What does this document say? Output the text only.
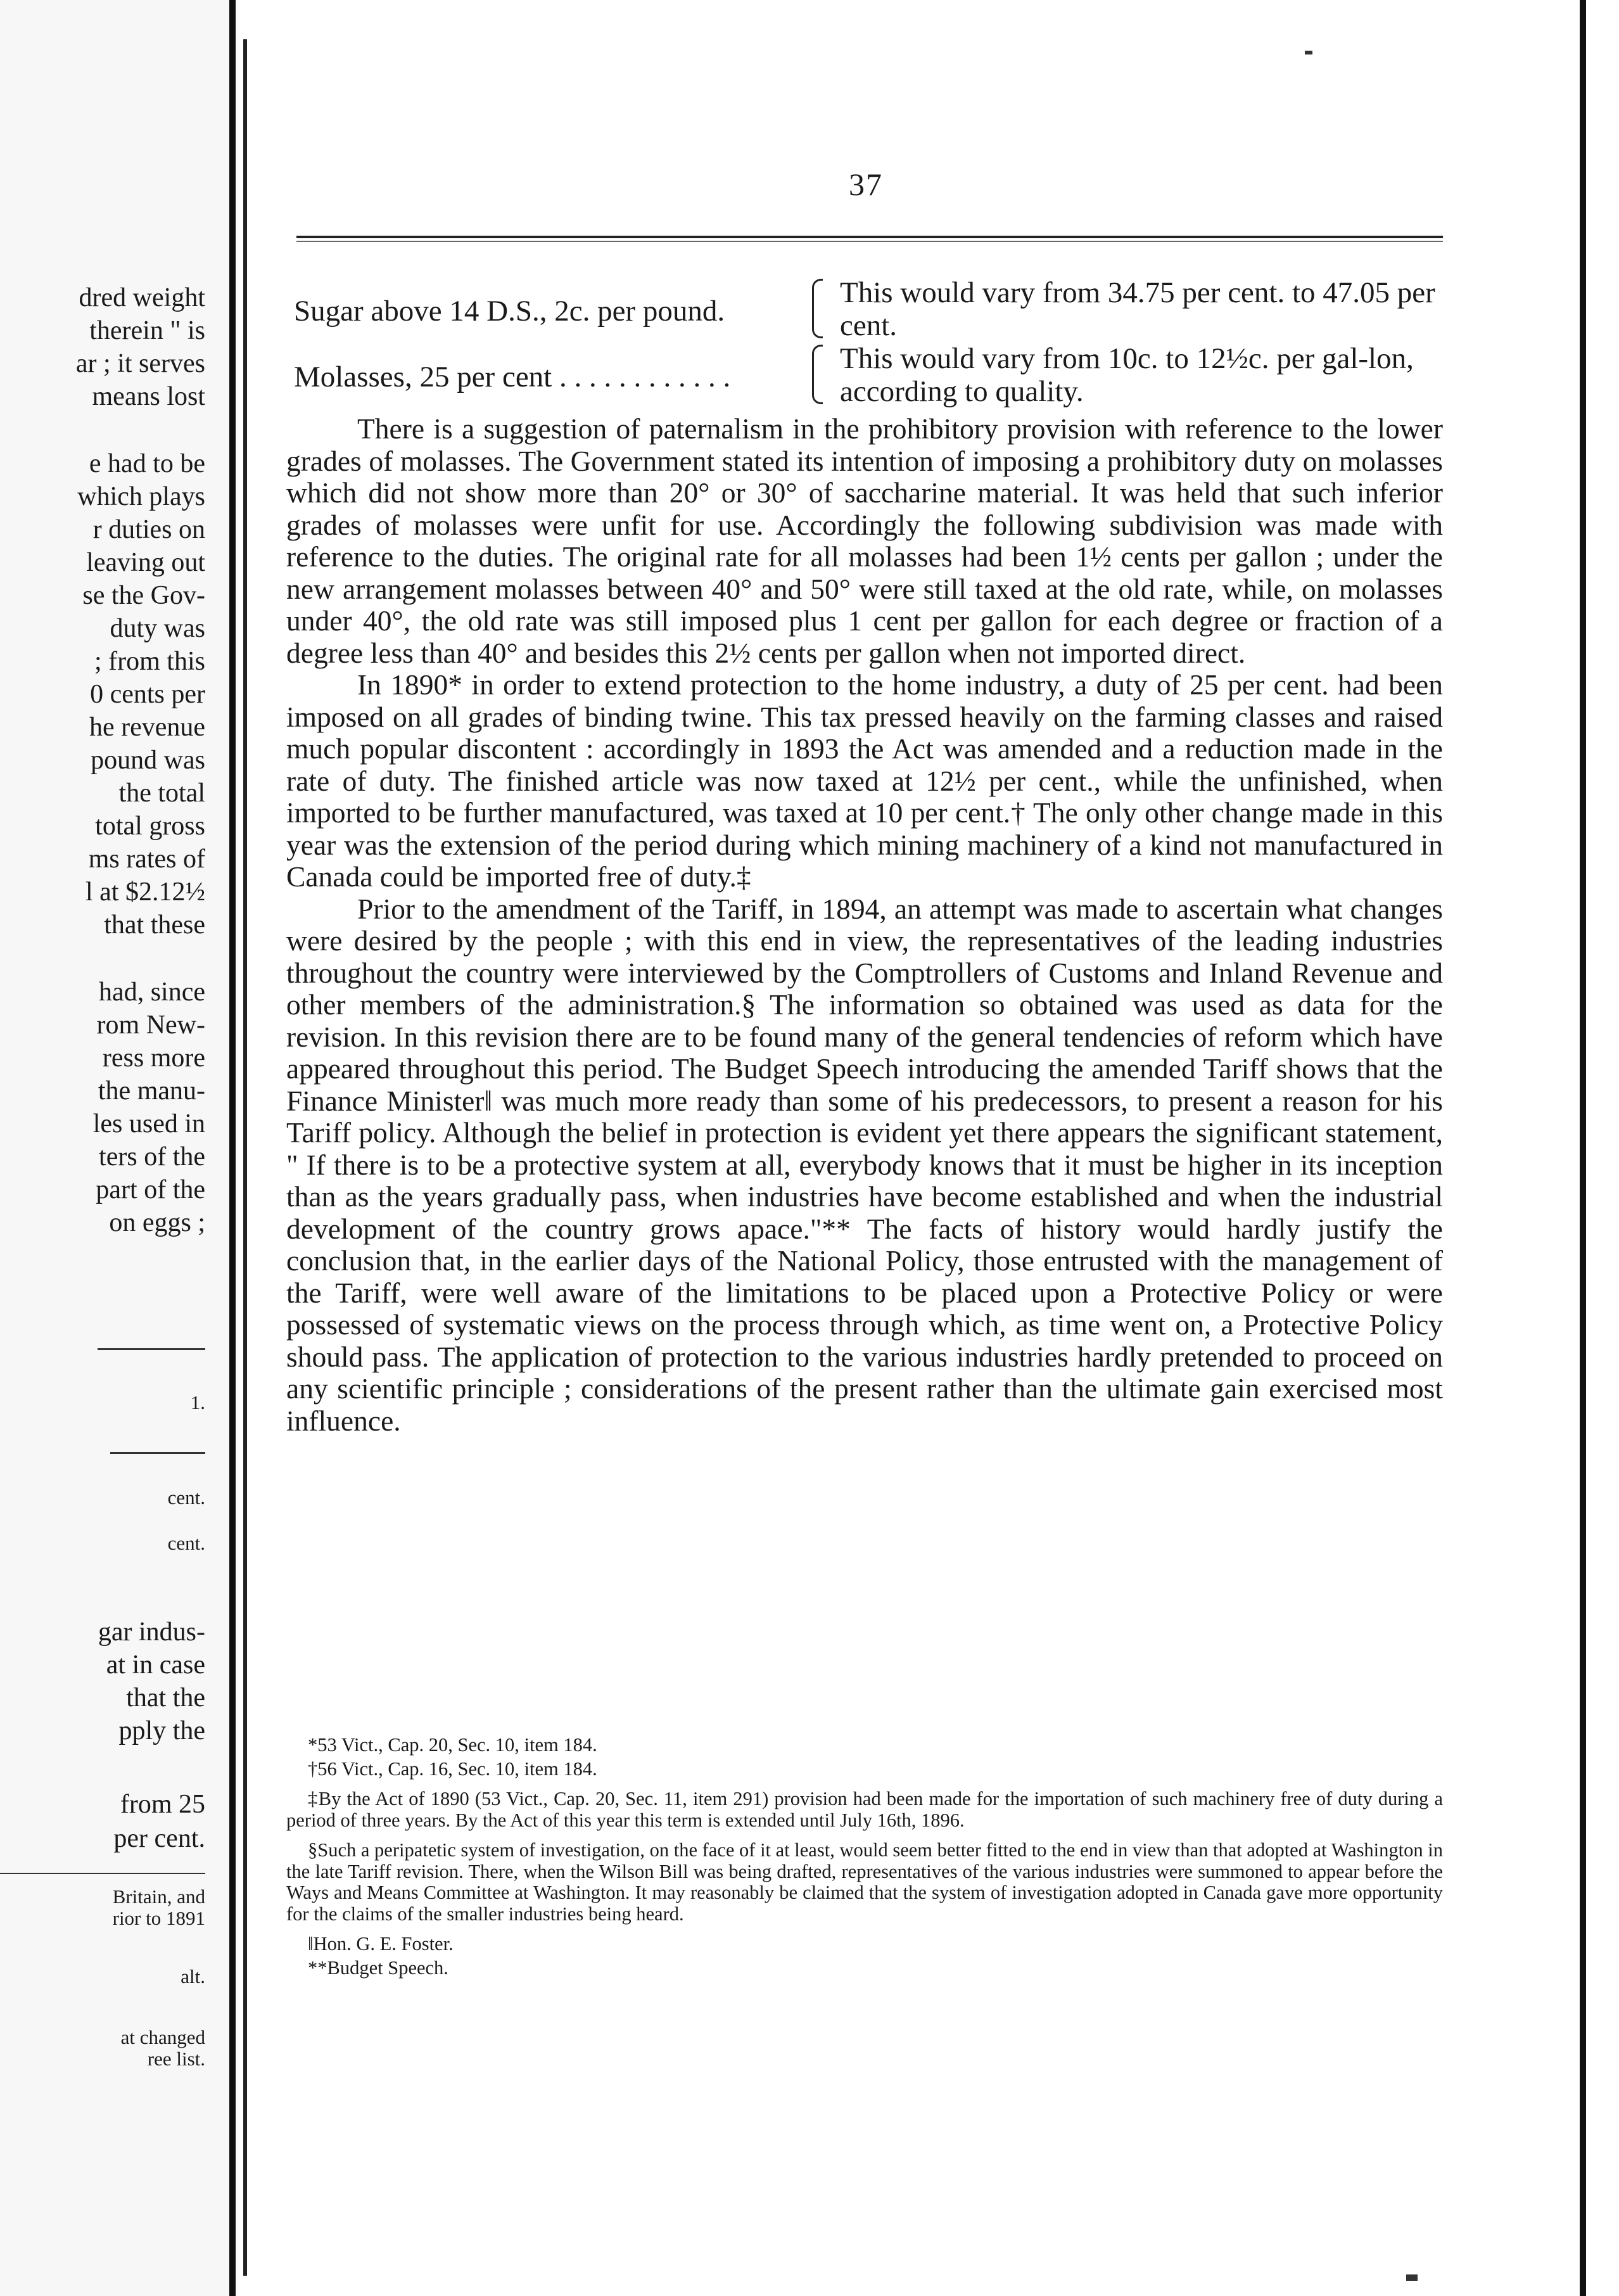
dred weight
therein " is
ar ; it serves
means lost
e had to be
which plays
r duties on
leaving out
se the Gov-
duty was
; from this
0 cents per
he revenue
pound was
the total
total gross
ms rates of
l at $2.12½
that these
had, since
rom New-
ress more
the manu-
les used in
ters of the
part of the
on eggs ;
1.
cent.
cent.
gar indus-
at in case
that the
pply the
from 25
per cent.
Britain, and
rior to 1891
alt.
at changed
ree list.
37
Sugar above 14 D.S., 2c. per pound.
This would vary from 34.75 per cent. to 47.05 per cent.
Molasses, 25 per cent . . . . . . . . . . . .
This would vary from 10c. to 12½c. per gal-lon, according to quality.

There is a suggestion of paternalism in the prohibitory provision with reference to the lower grades of molasses. The Government stated its intention of imposing a prohibitory duty on molasses which did not show more than 20° or 30° of saccharine material. It was held that such inferior grades of molasses were unfit for use. Accordingly the following subdivision was made with reference to the duties. The original rate for all molasses had been 1½ cents per gallon ; under the new arrangement molasses between 40° and 50° were still taxed at the old rate, while, on molasses under 40°, the old rate was still imposed plus 1 cent per gallon for each degree or fraction of a degree less than 40° and besides this 2½ cents per gallon when not imported direct.

In 1890* in order to extend protection to the home industry, a duty of 25 per cent. had been imposed on all grades of binding twine. This tax pressed heavily on the farming classes and raised much popular discontent : accordingly in 1893 the Act was amended and a reduction made in the rate of duty. The finished article was now taxed at 12½ per cent., while the unfinished, when imported to be further manufactured, was taxed at 10 per cent.† The only other change made in this year was the extension of the period during which mining machinery of a kind not manufactured in Canada could be imported free of duty.‡

Prior to the amendment of the Tariff, in 1894, an attempt was made to ascertain what changes were desired by the people ; with this end in view, the representatives of the leading industries throughout the country were interviewed by the Comptrollers of Customs and Inland Revenue and other members of the administration.§ The information so obtained was used as data for the revision. In this revision there are to be found many of the general tendencies of reform which have appeared throughout this period. The Budget Speech introducing the amended Tariff shows that the Finance Minister‖ was much more ready than some of his predecessors, to present a reason for his Tariff policy. Although the belief in protection is evident yet there appears the significant statement, " If there is to be a protective system at all, everybody knows that it must be higher in its inception than as the years gradually pass, when industries have become established and when the industrial development of the country grows apace."** The facts of history would hardly justify the conclusion that, in the earlier days of the National Policy, those entrusted with the management of the Tariff, were well aware of the limitations to be placed upon a Protective Policy or were possessed of systematic views on the process through which, as time went on, a Protective Policy should pass. The application of protection to the various industries hardly pretended to proceed on any scientific principle ; considerations of the present rather than the ultimate gain exercised most influence.

*53 Vict., Cap. 20, Sec. 10, item 184.

†56 Vict., Cap. 16, Sec. 10, item 184.

‡By the Act of 1890 (53 Vict., Cap. 20, Sec. 11, item 291) provision had been made for the importation of such machinery free of duty during a period of three years. By the Act of this year this term is extended until July 16th, 1896.

§Such a peripatetic system of investigation, on the face of it at least, would seem better fitted to the end in view than that adopted at Washington in the late Tariff revision. There, when the Wilson Bill was being drafted, representatives of the various industries were summoned to appear before the Ways and Means Committee at Washington. It may reasonably be claimed that the system of investigation adopted in Canada gave more opportunity for the claims of the smaller industries being heard.

‖Hon. G. E. Foster.

**Budget Speech.
